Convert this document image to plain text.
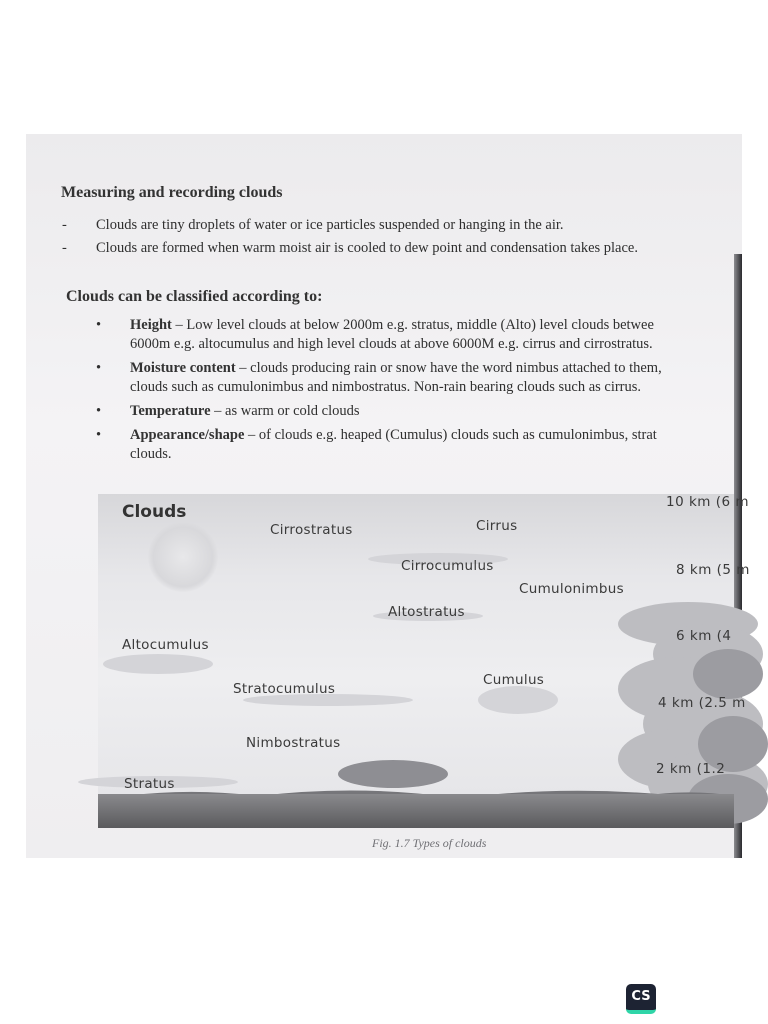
Measuring and recording clouds
- Clouds are tiny droplets of water or ice particles suspended or hanging in the air.
- Clouds are formed when warm moist air is cooled to dew point and condensation takes place.
Clouds can be classified according to:
• Height – Low level clouds at below 2000m e.g. stratus, middle (Alto) level clouds betwee
6000m e.g. altocumulus and high level clouds at above 6000M e.g. cirrus and cirrostratus.
• Moisture content – clouds producing rain or snow have the word nimbus attached to them,
clouds such as cumulonimbus and nimbostratus. Non-rain bearing clouds such as cirrus.
• Temperature – as warm or cold clouds
• Appearance/shape – of clouds e.g. heaped (Cumulus) clouds such as cumulonimbus, strat
clouds.
Clouds
Cirrostratus	Cirrus
Cirrocumulus
Cumulonimbus
Altostratus
Altocumulus
Cumulus
Stratocumulus
Nimbostratus
Stratus
10 km (6 m
8 km (5 m
6 km (4
4 km (2.5 m
2 km (1.2
Fig. 1.7 Types of clouds
CS
